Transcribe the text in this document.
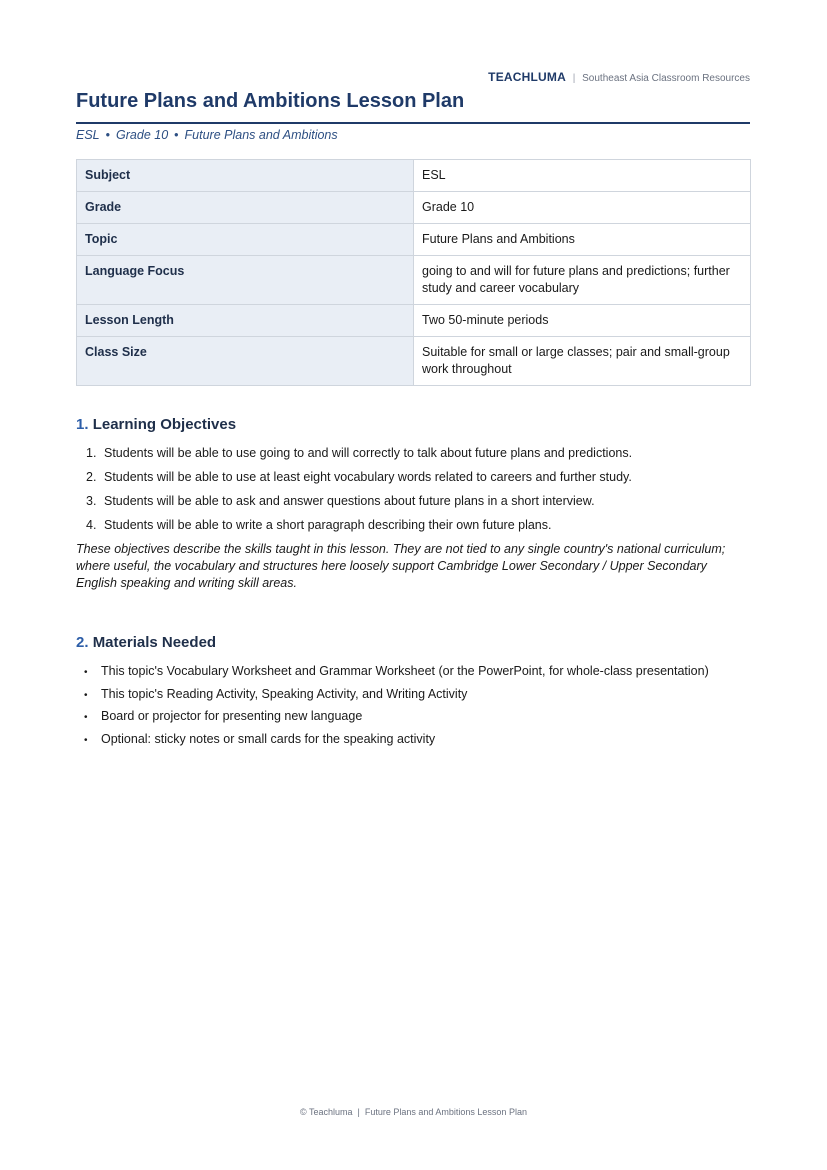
TEACHLUMA | Southeast Asia Classroom Resources
Future Plans and Ambitions Lesson Plan
ESL • Grade 10 • Future Plans and Ambitions
Subject	ESL
Grade	Grade 10
Topic	Future Plans and Ambitions
Language Focus	going to and will for future plans and predictions; further study and career vocabulary
Lesson Length	Two 50-minute periods
Class Size	Suitable for small or large classes; pair and small-group work throughout
1. Learning Objectives
1. Students will be able to use going to and will correctly to talk about future plans and predictions.
2. Students will be able to use at least eight vocabulary words related to careers and further study.
3. Students will be able to ask and answer questions about future plans in a short interview.
4. Students will be able to write a short paragraph describing their own future plans.

These objectives describe the skills taught in this lesson. They are not tied to any single country's national curriculum; where useful, the vocabulary and structures here loosely support Cambridge Lower Secondary / Upper Secondary English speaking and writing skill areas.

2. Materials Needed
• This topic's Vocabulary Worksheet and Grammar Worksheet (or the PowerPoint, for whole-class presentation)
• This topic's Reading Activity, Speaking Activity, and Writing Activity
• Board or projector for presenting new language
• Optional: sticky notes or small cards for the speaking activity
© Teachluma | Future Plans and Ambitions Lesson Plan
